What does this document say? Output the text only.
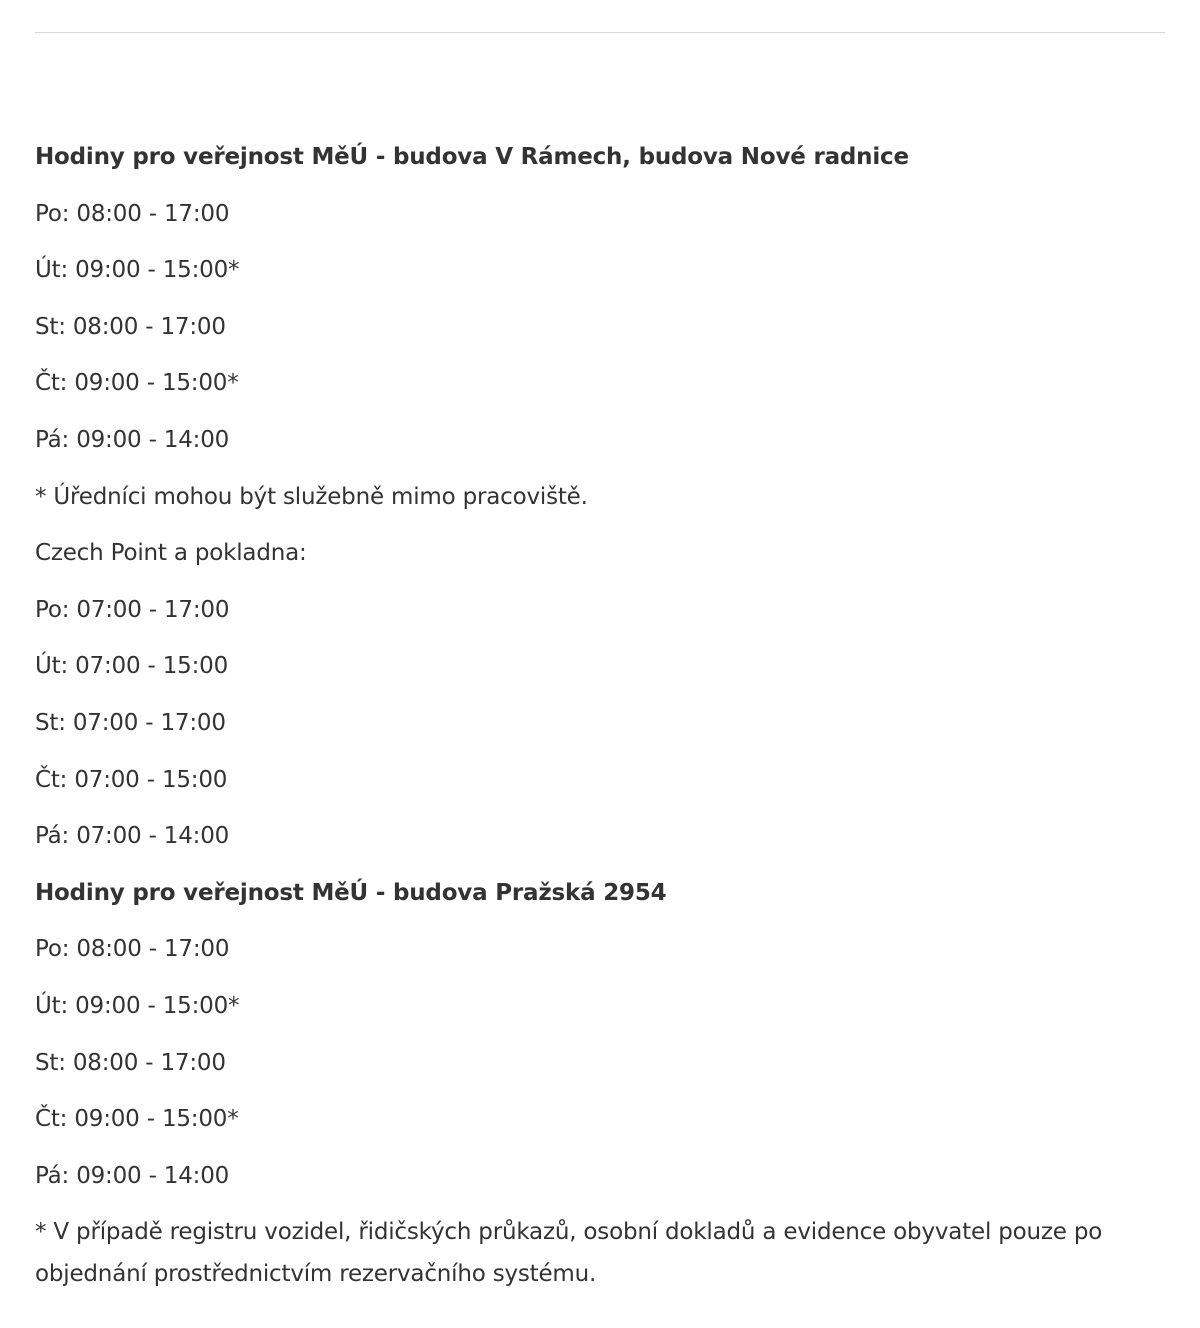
Hodiny pro veřejnost MěÚ - budova V Rámech, budova Nové radnice

Po: 08:00 - 17:00

Út: 09:00 - 15:00*

St: 08:00 - 17:00

Čt: 09:00 - 15:00*

Pá: 09:00 - 14:00

* Úředníci mohou být služebně mimo pracoviště.

Czech Point a pokladna:

Po: 07:00 - 17:00

Út: 07:00 - 15:00

St: 07:00 - 17:00

Čt: 07:00 - 15:00

Pá: 07:00 - 14:00

Hodiny pro veřejnost MěÚ - budova Pražská 2954

Po: 08:00 - 17:00

Út: 09:00 - 15:00*

St: 08:00 - 17:00

Čt: 09:00 - 15:00*

Pá: 09:00 - 14:00

* V případě registru vozidel, řidičských průkazů, osobní dokladů a evidence obyvatel pouze po objednání prostřednictvím rezervačního systému.
